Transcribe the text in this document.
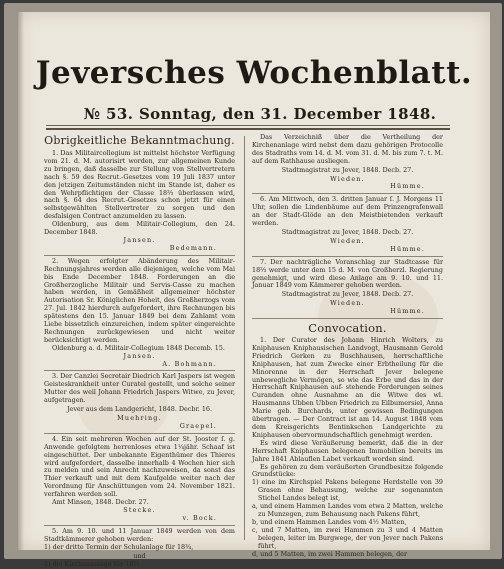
Jeversches Wochenblatt.
№ 53. Sonntag, den 31. December 1848.
Obrigkeitliche Bekanntmachung.

1. Das Militaircollegium ist mittelst höchster Verfügung vom 21. d. M. autorisirt worden, zur allgemeinen Kunde zu bringen, daß dasselbe zur Stellung von Stellvertretern nach §. 59 des Recrut.-Gesetzes vom 19 Juli 1837 unter den jetzigen Zeitumständen nicht im Stande ist, daher es den Wehrpflichtigen der Classe 18⅔ überlassen wird, nach §. 64 des Recrut.-Gesetzes schon jetzt für einen selbstgewählten Stellvertreter zu sorgen und den desfalsigen Contract anzumelden zu lassen.

Oldenburg, aus dem Militair-Collegium, den 24. December 1848.

Jansen.

Bedemann.

2. Wegen erfolgter Abänderung des Militair-Rechnungsjahres werden alle diejenigen, welche vom Mai bis Ende December 1848. Forderungen an die Großherzogliche Militair und Servis-Casse zu machen haben werden, in Gemäßheit allgemeiner höchster Autorisation Sr. Königlichen Hoheit, des Großherzogs vom 27. Jul. 1842 hierdurch aufgefordert, ihre Rechnungen bis spätestens den 15. Januar 1849 bei dem Zahlamt vom Liebe bissetzlich einzureichen, indem später eingereichte Rechnungen zurückgewiesen und nicht weiter berücksichtigt werden.

Oldenburg a. d. Militair-Collegium 1848 Decemb. 15.

Jansen.

A. Bohmann.

3. Der Canzlei Secretair Diedrich Karl Jaspers ist wegen Geisteskrankheit unter Curatel gestellt, und solche seiner Mutter des weil Johann Friedrich Jaspers Witwe, zu Jever, aufgetragen.

Jever aus dem Landgericht, 1848. Decbr. 16.

Muehring.

Graepel.

4. Ein seit mehreren Wochen auf der St. Jooster ſ. g. Anwende gefolgtem herrenloses etwa 1¼jähr. Schaaf ist eingeschüttet. Der unbekannte Eigenthümer des Thieres wird aufgefordert, dasselbe innerhalb 4 Wochen hier sich zu melden und sein Anrecht nachzuweisen, da sonst das Thier verkauft und mit dem Kaufgelde weiter nach der Verordnung für Anschüttungen vom 24. November 1821. verfahren werden soll.

Amt Minsen, 1848. Decbr. 27.

Stecke.

v. Bock.

5. Am 9. 10. und 11 Januar 1849 werden von dem Stadtkämmerer gehoben werden:

1) der dritte Termin der Schulanlage für 18¾,

und

2) die Kirchenanlage für 18⅔

Das Verzeichniß über die Vertheilung der Kirchenanlage wird nebst dem dazu gehörigen Protocolle des Stadraths vom 14. d. M. vom 31. d. M. bis zum 7. t. M. auf dem Rathhause ausliegen.

Stadtmagistrat zu Jever, 1848. Decb. 27.

Wieden.

Hümme.

6. Am Mittwoch, den 3. dritten Januar ſ. J. Morgens 11 Uhr, sollen die Lindenbäume auf dem Prinzengrafenwall an der Stadt-Glöde an den Meistbietenden verkauft werden.

Stadtmagistrat zu Jever, 1848. Decb. 27.

Wieden.

Hümme.

7. Der nachträgliche Voranschlag zur Stadtcasse für 18⅔ werde unter dem 15 d. M. von Großherzl. Regierung genehmigt, und wird diese Anlage am 9. 10. und 11. Januar 1849 vom Kämmerer gehoben werden.

Stadtmagistrat zu Jever, 1848. Decb. 27.

Wieden.

Hümme.

Convocation.

1. Der Curator des Johann Hinrich Wolters, zu Kniphausen Kniphausischen Landvogt, Hausmann Gerold Friedrich Gerken zu Buschhausen, herrschaftliche Kniphausen, hat zum Zwecke einer Erbtheilung für die Minorenne in der Herrschaft Jever belegene unbewegliche Vermögen, so wie das Erbe und das in der Herrschaft Kniphausen auf- stehende Forderungen seines Curanden ohne Ausnahme an die Witwe des wl. Hausmanns Ubben Ubben Friedrich zu Eilbumersiel, Anna Marie geb. Burchards, unter gewissen Bedingungen übertragen. — Der Contract ist am 14. August 1848 vom dem Kreisgerichts Bentinkschen Landgerichte zu Kniphausen obervormundschaftlich genehmigt werden.

Es wird diese Veräußerung bemerkt, daß die in der Herrschaft Kniphausen belegenen Immobilien bereits im Jahre 1841 Ablauflen Labet verkauft worden sind.

Es gehören zu dem veräußerten Grundbesitze folgende Grundstücke:

1) eine im Kirchspiel Pakens belegene Herdstelle von 39 Grasen ohne Behausung, welche zur sogenannten Stichel Landes belegt ist,

a, und einem Hammen Landes vom etwa 2 Matten, welche zu Munzegen, zum Behausung nach Pakens führt,

b, und einem Hammen Landes vom 4½ Matten,

c, und 7 Matten, im zwei Hammen zu 3 und 4 Matten belegen, leiter im Burgwege, der von Jever nach Pakens führt,

d, und 5 Matten, im zwei Hammen belegen, der
